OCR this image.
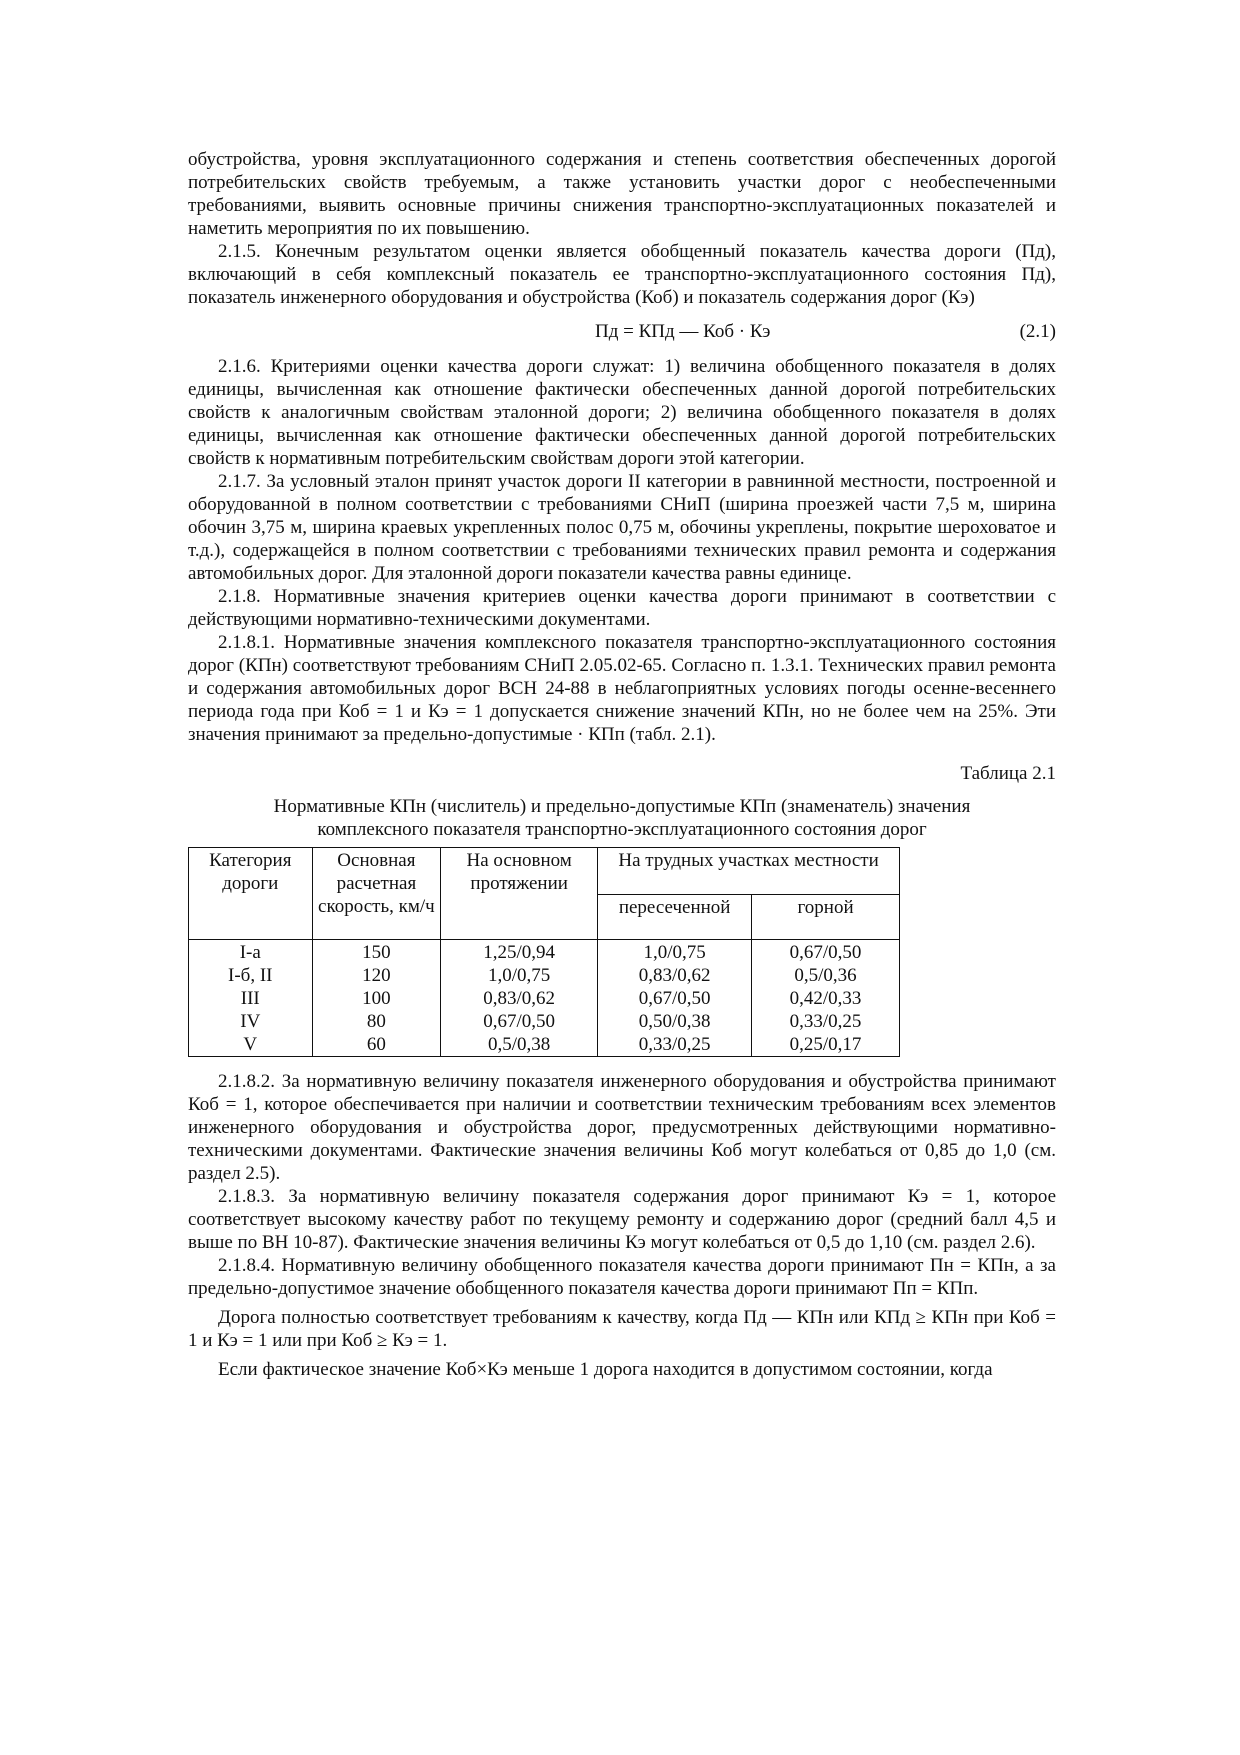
обустройства, уровня эксплуатационного содержания и степень соответствия обеспеченных дорогой потребительских свойств требуемым, а также установить участки дорог с необеспеченными требованиями, выявить основные причины снижения транспортно-эксплуатационных показателей и наметить мероприятия по их повышению.

2.1.5. Конечным результатом оценки является обобщенный показатель качества дороги (Пд), включающий в себя комплексный показатель ее транспортно-эксплуатационного состояния Пд), показатель инженерного оборудования и обустройства (Коб) и показатель содержания дорог (Кэ)

Пд = КПд — Коб · Кэ	(2.1)

2.1.6. Критериями оценки качества дороги служат: 1) величина обобщенного показателя в долях единицы, вычисленная как отношение фактически обеспеченных данной дорогой потребительских свойств к аналогичным свойствам эталонной дороги; 2) величина обобщенного показателя в долях единицы, вычисленная как отношение фактически обеспеченных данной дорогой потребительских свойств к нормативным потребительским свойствам дороги этой категории.

2.1.7. За условный эталон принят участок дороги II категории в равнинной местности, построенной и оборудованной в полном соответствии с требованиями СНиП (ширина проезжей части 7,5 м, ширина обочин 3,75 м, ширина краевых укрепленных полос 0,75 м, обочины укреплены, покрытие шероховатое и т.д.), содержащейся в полном соответствии с требованиями технических правил ремонта и содержания автомобильных дорог. Для эталонной дороги показатели качества равны единице.

2.1.8. Нормативные значения критериев оценки качества дороги принимают в соответствии с действующими нормативно-техническими документами.

2.1.8.1. Нормативные значения комплексного показателя транспортно-эксплуатационного состояния дорог (КПн) соответствуют требованиям СНиП 2.05.02-65. Согласно п. 1.3.1. Технических правил ремонта и содержания автомобильных дорог ВСН 24-88 в неблагоприятных условиях погоды осенне-весеннего периода года при Коб = 1 и Кэ = 1 допускается снижение значений КПн, но не более чем на 25%. Эти значения принимают за предельно-допустимые · КПп (табл. 2.1).

Таблица 2.1
Нормативные КПн (числитель) и предельно-допустимые КПп (знаменатель) значения комплексного показателя транспортно-эксплуатационного состояния дорог
Категория дороги	Основная расчетная скорость, км/ч	На основном протяжении	На трудных участках местности	
			пересеченной	горной
I-а	150	1,25/0,94	1,0/0,75	0,67/0,50
I-б, II	120	1,0/0,75	0,83/0,62	0,5/0,36
III	100	0,83/0,62	0,67/0,50	0,42/0,33
IV	80	0,67/0,50	0,50/0,38	0,33/0,25
V	60	0,5/0,38	0,33/0,25	0,25/0,17

2.1.8.2. За нормативную величину показателя инженерного оборудования и обустройства принимают Коб = 1, которое обеспечивается при наличии и соответствии техническим требованиям всех элементов инженерного оборудования и обустройства дорог, предусмотренных действующими нормативно-техническими документами. Фактические значения величины Коб могут колебаться от 0,85 до 1,0 (см. раздел 2.5).

2.1.8.3. За нормативную величину показателя содержания дорог принимают Кэ = 1, которое соответствует высокому качеству работ по текущему ремонту и содержанию дорог (средний балл 4,5 и выше по ВН 10-87). Фактические значения величины Кэ могут колебаться от 0,5 до 1,10 (см. раздел 2.6).

2.1.8.4. Нормативную величину обобщенного показателя качества дороги принимают Пн = КПн, а за предельно-допустимое значение обобщенного показателя качества дороги принимают Пп = КПп.

Дорога полностью соответствует требованиям к качеству, когда Пд — КПн или КПд ≥ КПн при Коб = 1 и Кэ = 1 или при Коб ≥ Кэ = 1.

Если фактическое значение Коб×Кэ меньше 1 дорога находится в допустимом состоянии, когда
